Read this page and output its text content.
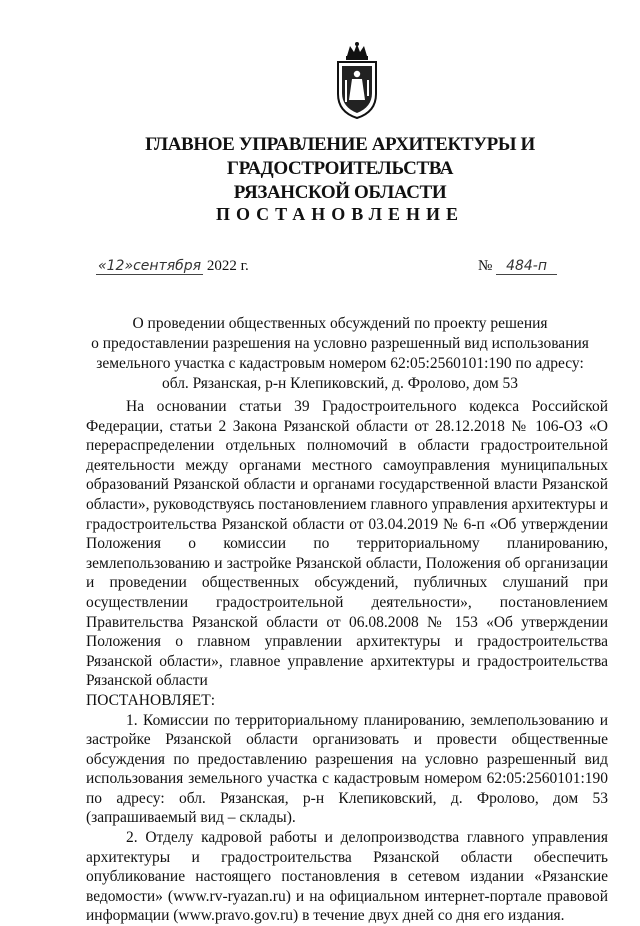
ГЛАВНОЕ УПРАВЛЕНИЕ АРХИТЕКТУРЫ И ГРАДОСТРОИТЕЛЬСТВА
РЯЗАНСКОЙ ОБЛАСТИ
ПОСТАНОВЛЕНИЕ
«12»сентября 2022 г.	№ 484-п
О проведении общественных обсуждений по проекту решения
о предоставлении разрешения на условно разрешенный вид использования
земельного участка с кадастровым номером 62:05:2560101:190 по адресу:
обл. Рязанская, р-н Клепиковский, д. Фролово, дом 53

На основании статьи 39 Градостроительного кодекса Российской Федерации, статьи 2 Закона Рязанской области от 28.12.2018 № 106-ОЗ «О перераспределении отдельных полномочий в области градостроительной деятельности между органами местного самоуправления муниципальных образований Рязанской области и органами государственной власти Рязанской области», руководствуясь постановлением главного управления архитектуры и градостроительства Рязанской области от 03.04.2019 № 6-п «Об утверждении Положения о комиссии по территориальному планированию, землепользованию и застройке Рязанской области, Положения об организации и проведении общественных обсуждений, публичных слушаний при осуществлении градостроительной деятельности», постановлением Правительства Рязанской области от 06.08.2008 № 153 «Об утверждении Положения о главном управлении архитектуры и градостроительства Рязанской области», главное управление архитектуры и градостроительства Рязанской области

ПОСТАНОВЛЯЕТ:

1. Комиссии по территориальному планированию, землепользованию и застройке Рязанской области организовать и провести общественные обсуждения по предоставлению разрешения на условно разрешенный вид использования земельного участка с кадастровым номером 62:05:2560101:190 по адресу: обл. Рязанская, р-н Клепиковский, д. Фролово, дом 53 (запрашиваемый вид – склады).

2. Отделу кадровой работы и делопроизводства главного управления архитектуры и градостроительства Рязанской области обеспечить опубликование настоящего постановления в сетевом издании «Рязанские ведомости» (www.rv-ryazan.ru) и на официальном интернет-портале правовой информации (www.pravo.gov.ru) в течение двух дней со дня его издания.
